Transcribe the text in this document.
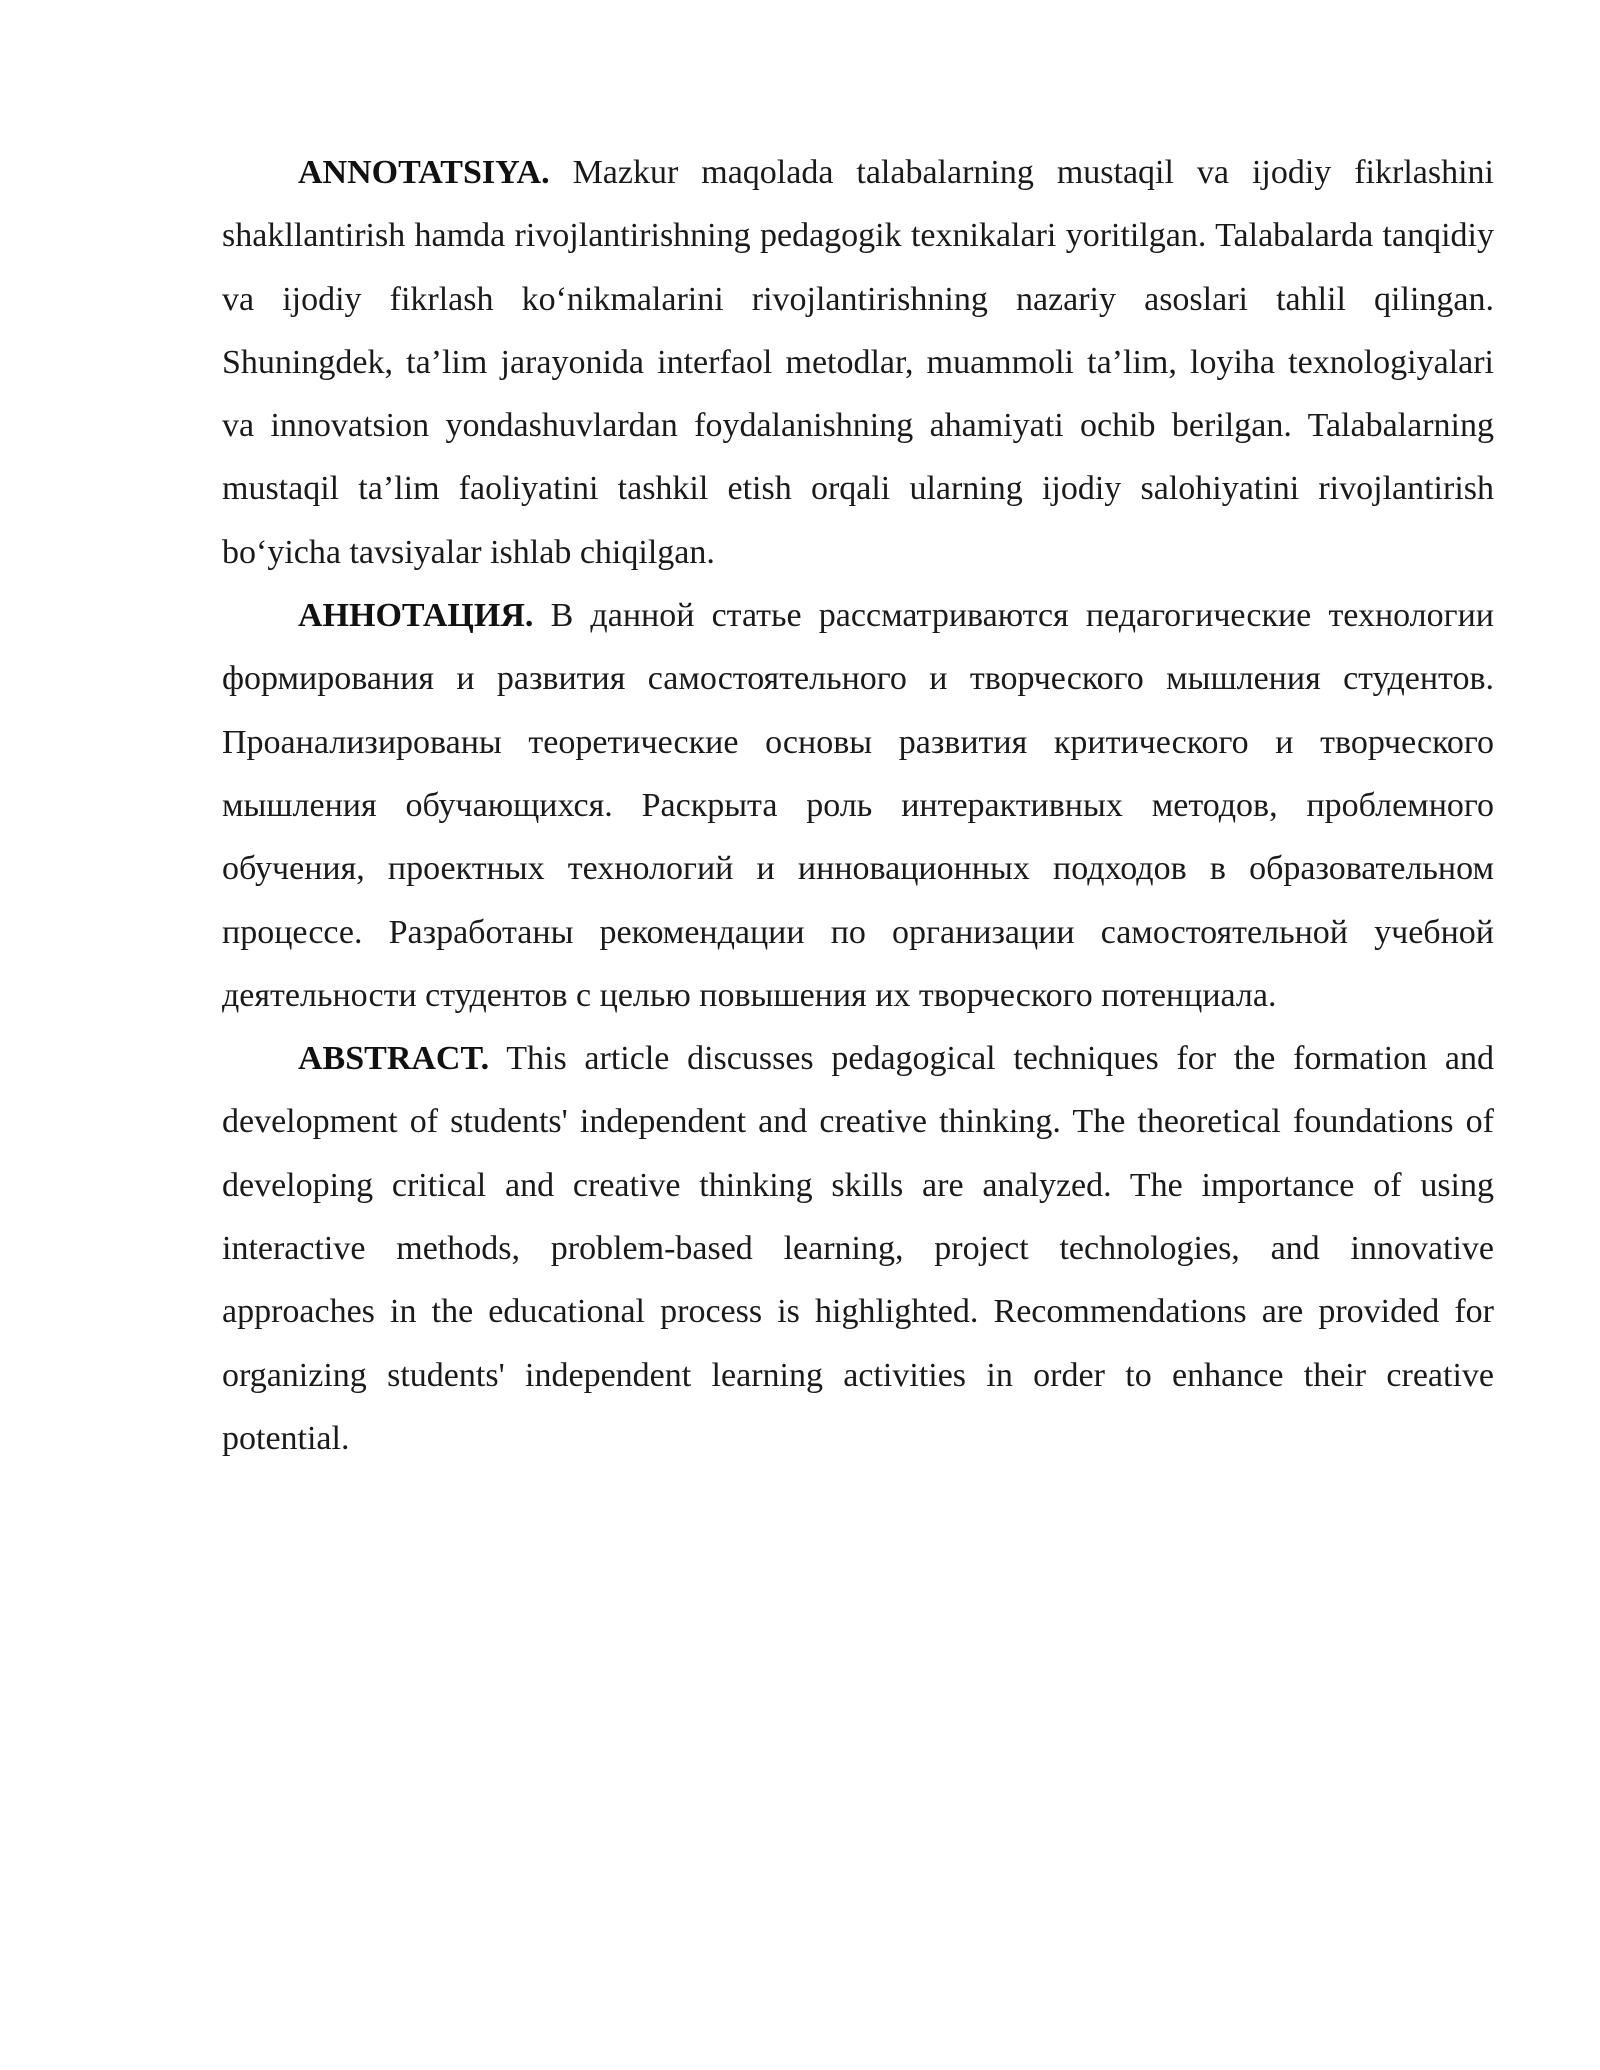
ANNOTATSIYA. Mazkur maqolada talabalarning mustaqil va ijodiy fikrlashini shakllantirish hamda rivojlantirishning pedagogik texnikalari yoritilgan. Talabalarda tanqidiy va ijodiy fikrlash ko‘nikmalarini rivojlantirishning nazariy asoslari tahlil qilingan. Shuningdek, ta’lim jarayonida interfaol metodlar, muammoli ta’lim, loyiha texnologiyalari va innovatsion yondashuvlardan foydalanishning ahamiyati ochib berilgan. Talabalarning mustaqil ta’lim faoliyatini tashkil etish orqali ularning ijodiy salohiyatini rivojlantirish bo‘yicha tavsiyalar ishlab chiqilgan.

АННОТАЦИЯ. В данной статье рассматриваются педагогические технологии формирования и развития самостоятельного и творческого мышления студентов. Проанализированы теоретические основы развития критического и творческого мышления обучающихся. Раскрыта роль интерактивных методов, проблемного обучения, проектных технологий и инновационных подходов в образовательном процессе. Разработаны рекомендации по организации самостоятельной учебной деятельности студентов с целью повышения их творческого потенциала.

ABSTRACT. This article discusses pedagogical techniques for the formation and development of students' independent and creative thinking. The theoretical foundations of developing critical and creative thinking skills are analyzed. The importance of using interactive methods, problem-based learning, project technologies, and innovative approaches in the educational process is highlighted. Recommendations are provided for organizing students' independent learning activities in order to enhance their creative potential.
